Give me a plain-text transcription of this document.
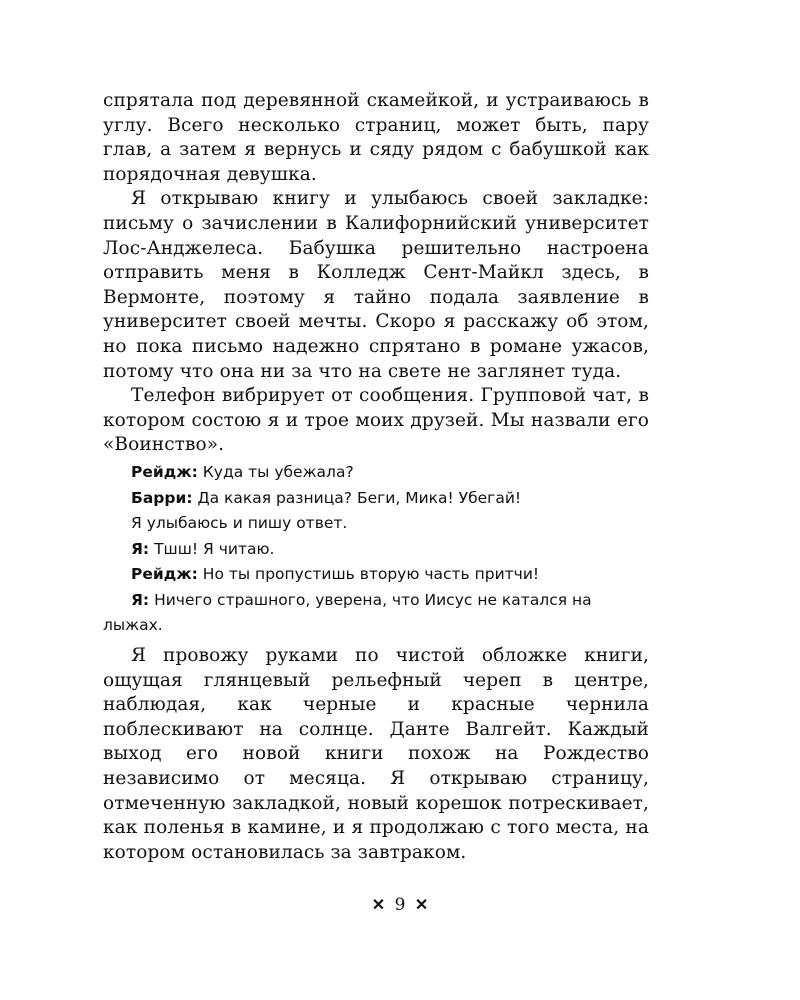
спрятала под деревянной скамейкой, и устраиваюсь в углу. Всего несколько страниц, может быть, пару глав, а затем я вернусь и сяду рядом с бабушкой как порядочная девушка.

Я открываю книгу и улыбаюсь своей закладке: письму о зачислении в Калифорнийский университет Лос-Анджелеса. Бабушка решительно настроена отправить меня в Колледж Сент-Майкл здесь, в Вермонте, поэтому я тайно подала заявление в университет своей мечты. Скоро я расскажу об этом, но пока письмо надежно спрятано в романе ужасов, потому что она ни за что на свете не заглянет туда.

Телефон вибрирует от сообщения. Групповой чат, в котором состою я и трое моих друзей. Мы назвали его «Воинство».

Рейдж: Куда ты убежала?

Барри: Да какая разница? Беги, Мика! Убегай!

Я улыбаюсь и пишу ответ.

Я: Тшш! Я читаю.

Рейдж: Но ты пропустишь вторую часть притчи!

Я: Ничего страшного, уверена, что Иисус не катался на лыжах.

Я провожу руками по чистой обложке книги, ощущая глянцевый рельефный череп в центре, наблюдая, как черные и красные чернила поблескивают на солнце. Данте Валгейт. Каждый выход его новой книги похож на Рождество независимо от месяца. Я открываю страницу, отмеченную закладкой, новый корешок потрескивает, как поленья в камине, и я продолжаю с того места, на котором остановилась за завтраком.

✕ 9 ✕
